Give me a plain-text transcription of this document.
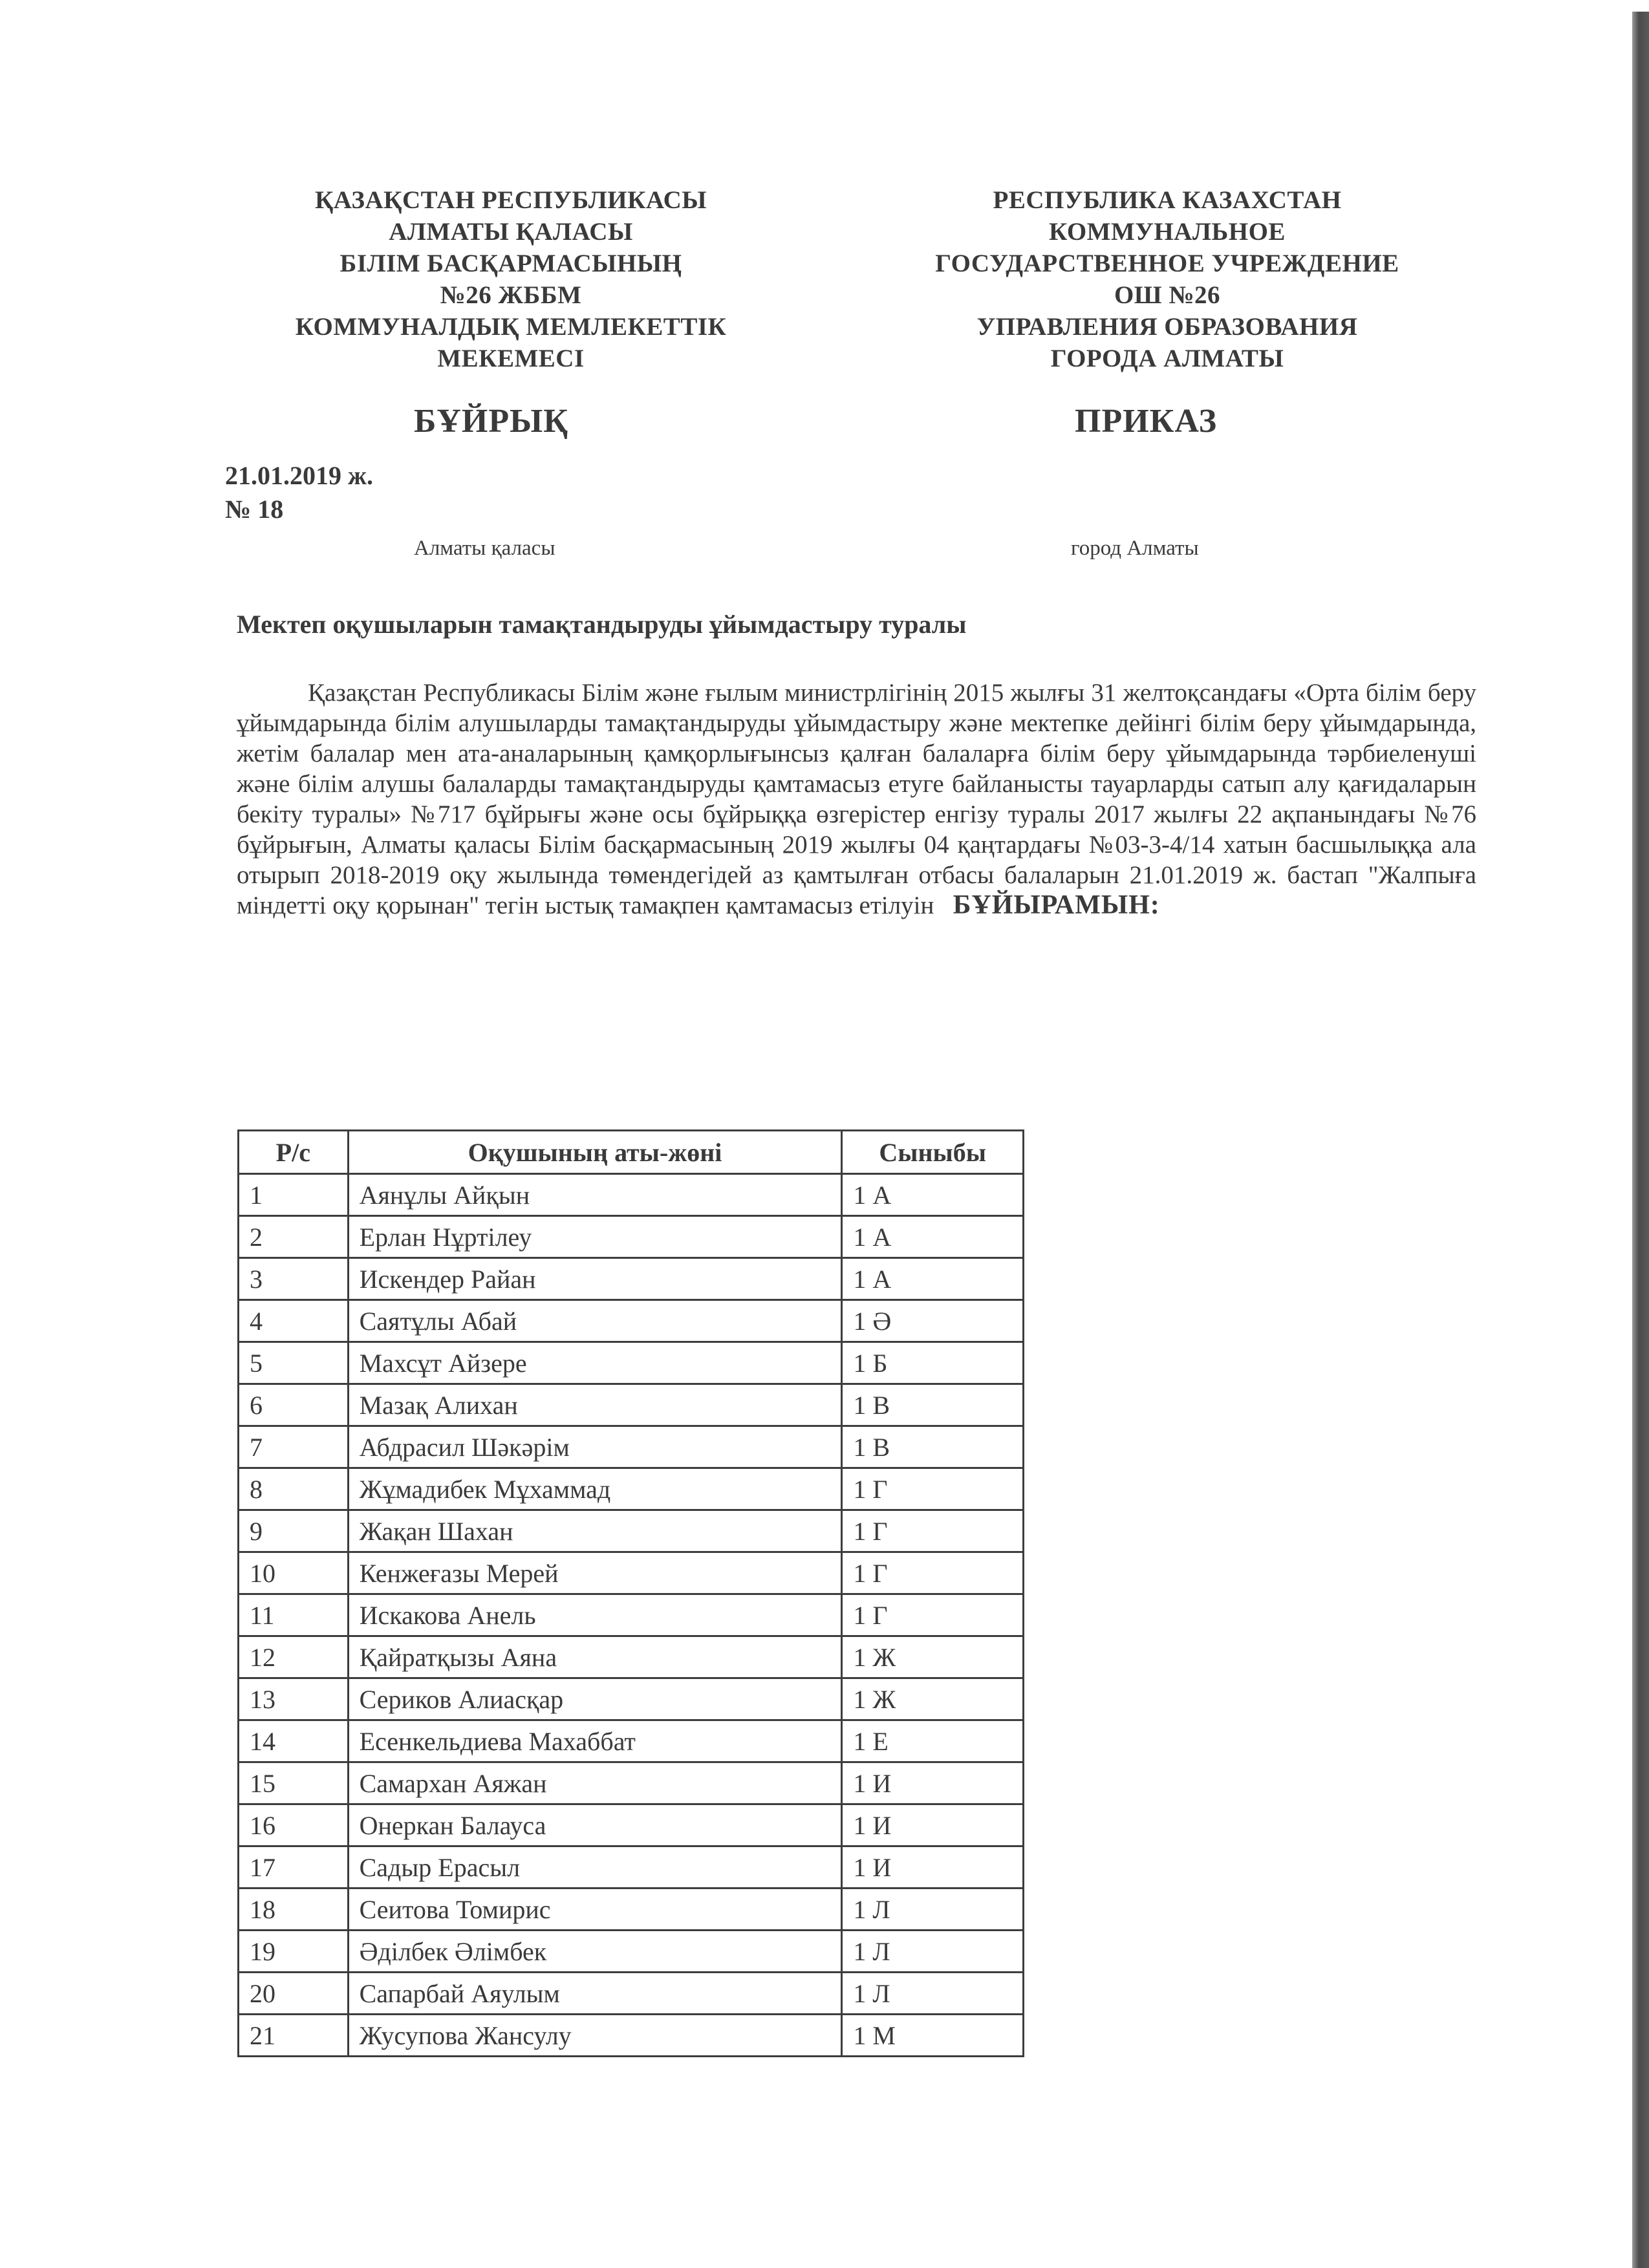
ҚАЗАҚСТАН РЕСПУБЛИКАСЫ
АЛМАТЫ ҚАЛАСЫ
БІЛІМ БАСҚАРМАСЫНЫҢ
№26 ЖББМ
КОММУНАЛДЫҚ МЕМЛЕКЕТТІК
МЕКЕМЕСІ
РЕСПУБЛИКА КАЗАХСТАН
КОММУНАЛЬНОЕ
ГОСУДАРСТВЕННОЕ УЧРЕЖДЕНИЕ
ОШ №26
УПРАВЛЕНИЯ ОБРАЗОВАНИЯ
ГОРОДА АЛМАТЫ
БҰЙРЫҚ	ПРИКАЗ
21.01.2019 ж.
№ 18
Алматы қаласы	город Алматы
Мектеп оқушыларын тамақтандыруды ұйымдастыру туралы
Қазақстан Республикасы Білім және ғылым министрлігінің 2015 жылғы 31 желтоқсандағы «Орта білім беру ұйымдарында білім алушыларды тамақтандыруды ұйымдастыру және мектепке дейінгі білім беру ұйымдарында, жетім балалар мен ата-аналарының қамқорлығынсыз қалған балаларға білім беру ұйымдарында тәрбиеленуші және білім алушы балаларды тамақтандыруды қамтамасыз етуге байланысты тауарларды сатып алу қағидаларын бекіту туралы» №717 бұйрығы және осы бұйрыққа өзгерістер енгізу туралы 2017 жылғы 22 ақпанындағы №76 бұйрығын, Алматы қаласы Білім басқармасының 2019 жылғы 04 қаңтардағы №03-3-4/14 хатын басшылыққа ала отырып 2018-2019 оқу жылында төмендегідей аз қамтылған отбасы балаларын 21.01.2019 ж. бастап "Жалпыға міндетті оқу қорынан" тегін ыстық тамақпен қамтамасыз етілуін БҰЙЫРАМЫН:
Р/с	Оқушының аты-жөні	Сыныбы
1	Аянұлы Айқын	1 А
2	Ерлан Нұртілеу	1 А
3	Искендер Райан	1 А
4	Саятұлы Абай	1 Ә
5	Махсұт Айзере	1 Б
6	Мазақ Алихан	1 В
7	Абдрасил Шәкәрім	1 В
8	Жұмадибек Мұхаммад	1 Г
9	Жақан Шахан	1 Г
10	Кенжеғазы Мерей	1 Г
11	Искакова Анель	1 Г
12	Қайратқызы Аяна	1 Ж
13	Сериков Алиасқар	1 Ж
14	Есенкельдиева Махаббат	1 Е
15	Самархан Аяжан	1 И
16	Онеркан Балауса	1 И
17	Садыр Ерасыл	1 И
18	Сеитова Томирис	1 Л
19	Әділбек Әлімбек	1 Л
20	Сапарбай Аяулым	1 Л
21	Жусупова Жансулу	1 М
